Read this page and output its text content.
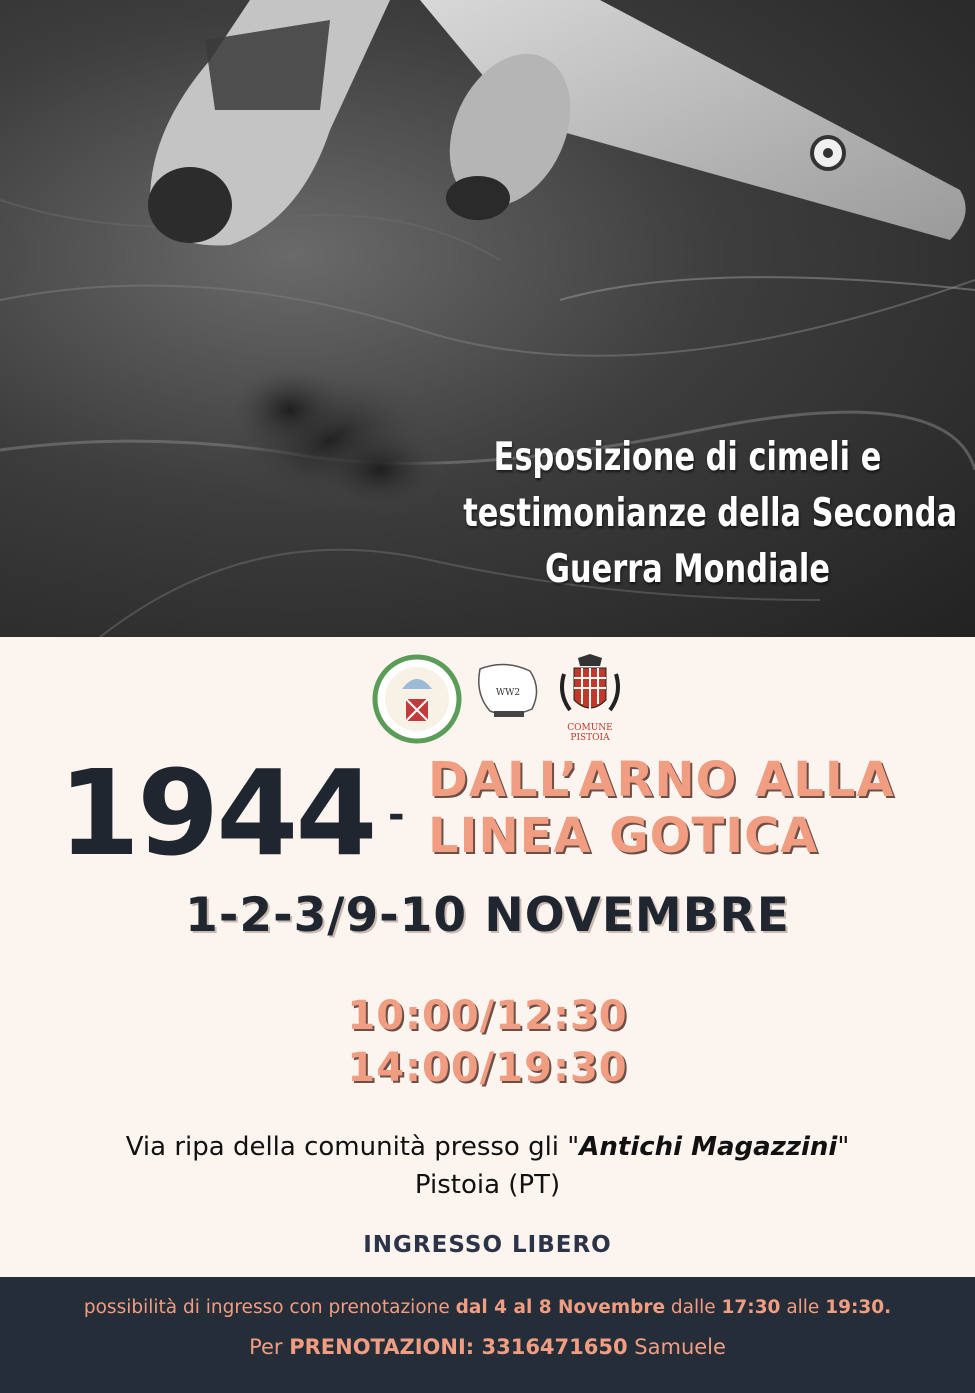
Esposizione di cimeli e
testimonianze della Seconda
Guerra Mondiale
WW2
COMUNE
PISTOIA
1944 -
DALL’ARNO ALLA
LINEA GOTICA
1-2-3/9-10 NOVEMBRE
10:00/12:30
14:00/19:30
Via ripa della comunità presso gli "Antichi Magazzini"
Pistoia (PT)
INGRESSO LIBERO
possibilità di ingresso con prenotazione dal 4 al 8 Novembre dalle 17:30 alle 19:30.
Per PRENOTAZIONI: 3316471650 Samuele
